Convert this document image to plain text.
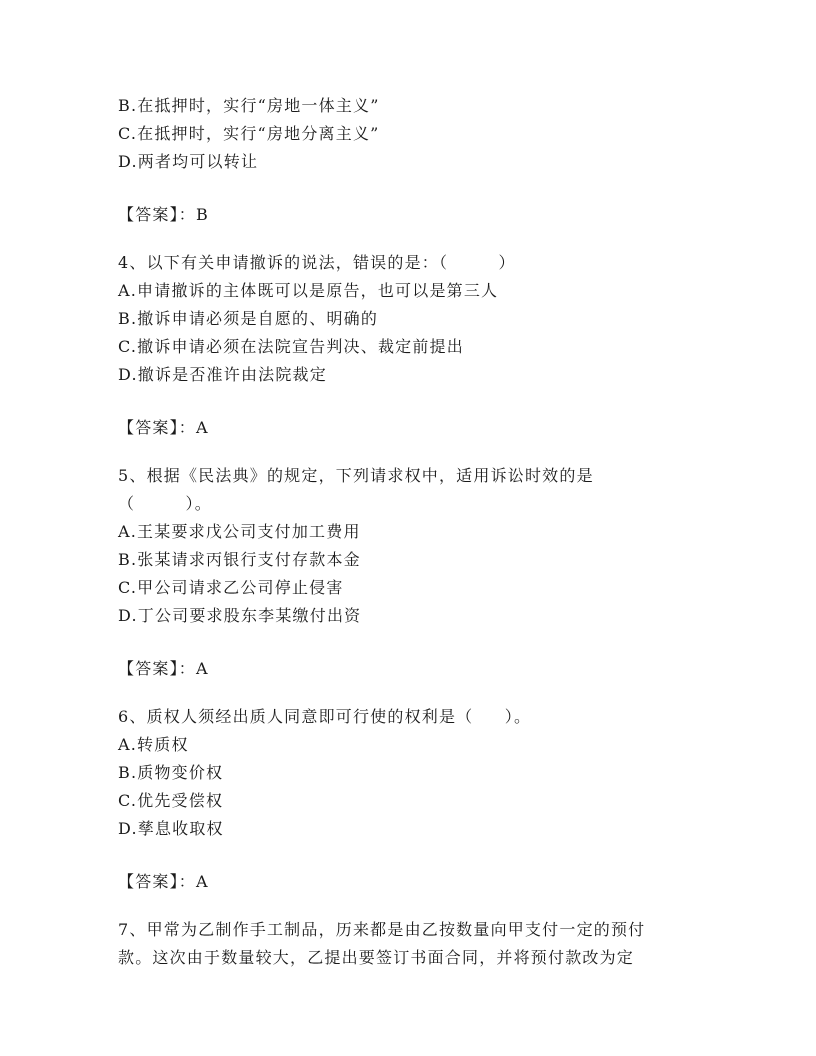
B.在抵押时，实行“房地一体主义”
C.在抵押时，实行“房地分离主义”
D.两者均可以转让
【答案】：B
4、以下有关申请撤诉的说法，错误的是：（        ）
A.申请撤诉的主体既可以是原告，也可以是第三人
B.撤诉申请必须是自愿的、明确的
C.撤诉申请必须在法院宣告判决、裁定前提出
D.撤诉是否准许由法院裁定
【答案】：A
5、根据《民法典》的规定，下列请求权中，适用诉讼时效的是
（        ）。
A.王某要求戊公司支付加工费用
B.张某请求丙银行支付存款本金
C.甲公司请求乙公司停止侵害
D.丁公司要求股东李某缴付出资
【答案】：A
6、质权人须经出质人同意即可行使的权利是（     ）。
A.转质权
B.质物变价权
C.优先受偿权
D.孳息收取权
【答案】：A
7、甲常为乙制作手工制品，历来都是由乙按数量向甲支付一定的预付
款。这次由于数量较大，乙提出要签订书面合同，并将预付款改为定
